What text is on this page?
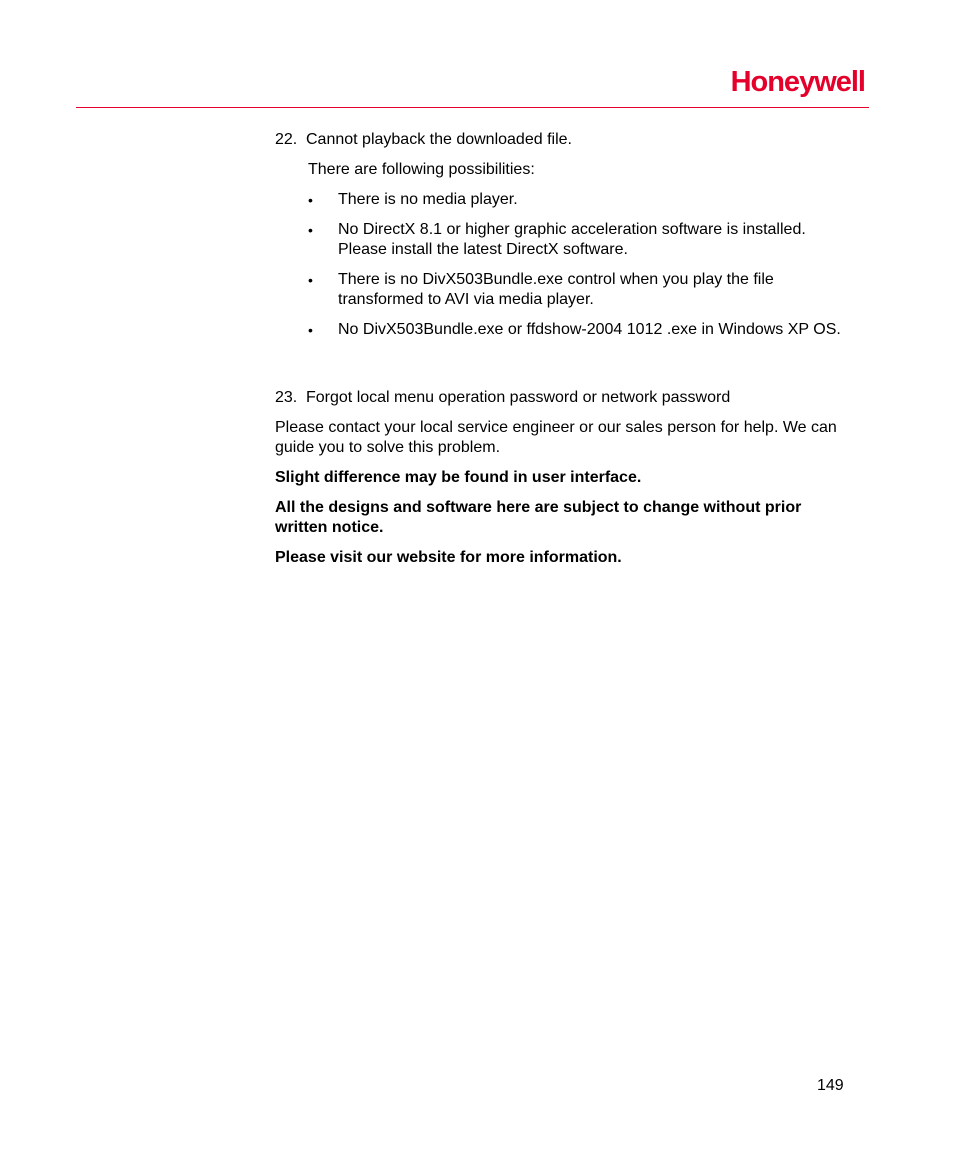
Honeywell

22. Cannot playback the downloaded file.

There are following possibilities:

• There is no media player.
• No DirectX 8.1 or higher graphic acceleration software is installed. Please install the latest DirectX software.
• There is no DivX503Bundle.exe control when you play the file transformed to AVI via media player.
• No DivX503Bundle.exe or ffdshow-2004 1012 .exe in Windows XP OS.

23. Forgot local menu operation password or network password

Please contact your local service engineer or our sales person for help. We can guide you to solve this problem.

Slight difference may be found in user interface.

All the designs and software here are subject to change without prior written notice.

Please visit our website for more information.

149
